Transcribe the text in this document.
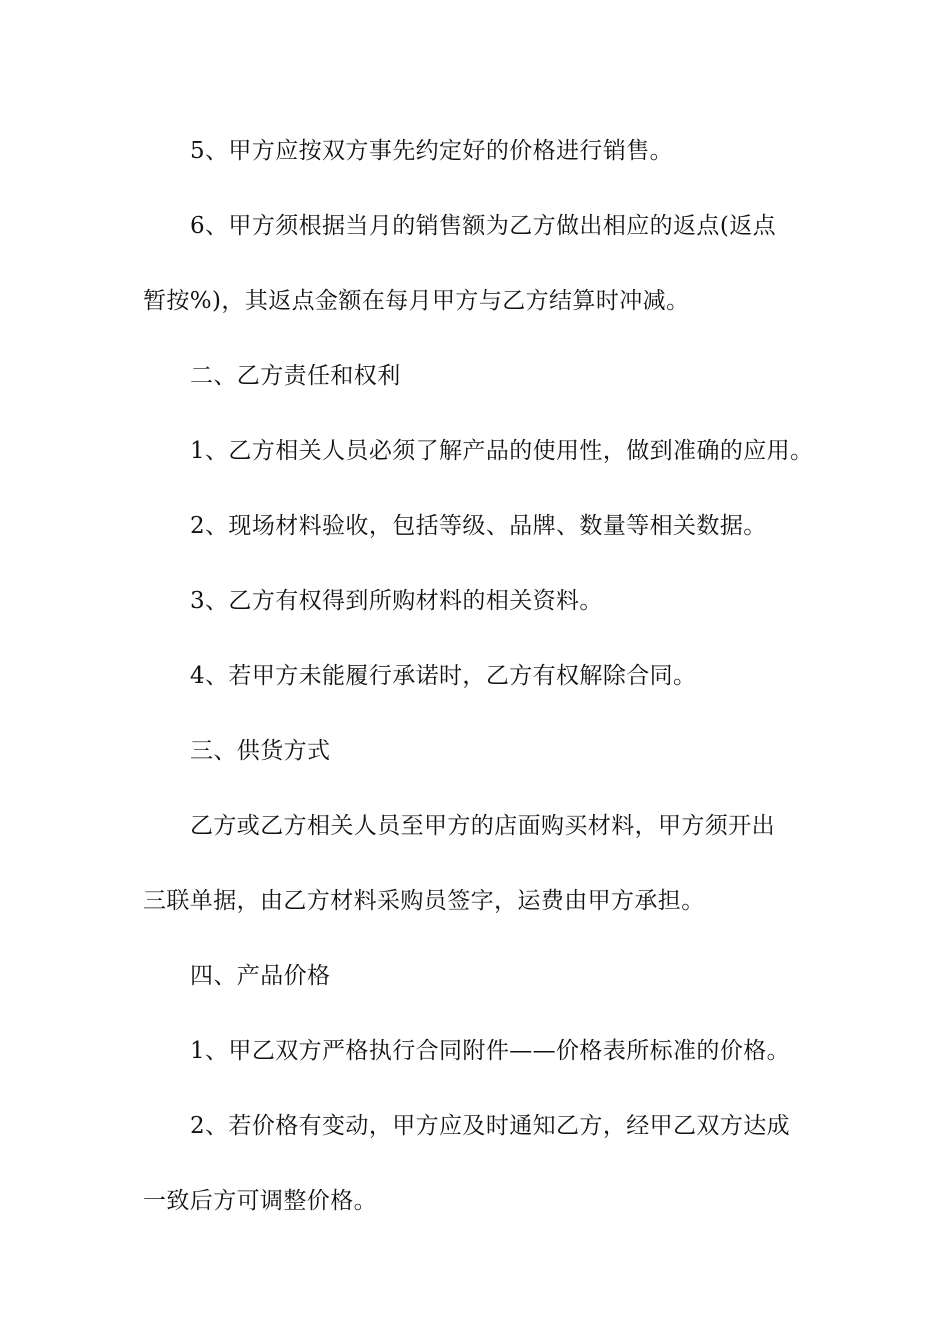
5、甲方应按双方事先约定好的价格进行销售。
6、甲方须根据当月的销售额为乙方做出相应的返点(返点
暂按%)，其返点金额在每月甲方与乙方结算时冲减。
二、乙方责任和权利
1、乙方相关人员必须了解产品的使用性，做到准确的应用。
2、现场材料验收，包括等级、品牌、数量等相关数据。
3、乙方有权得到所购材料的相关资料。
4、若甲方未能履行承诺时，乙方有权解除合同。
三、供货方式
乙方或乙方相关人员至甲方的店面购买材料，甲方须开出
三联单据，由乙方材料采购员签字，运费由甲方承担。
四、产品价格
1、甲乙双方严格执行合同附件——价格表所标准的价格。
2、若价格有变动，甲方应及时通知乙方，经甲乙双方达成
一致后方可调整价格。
